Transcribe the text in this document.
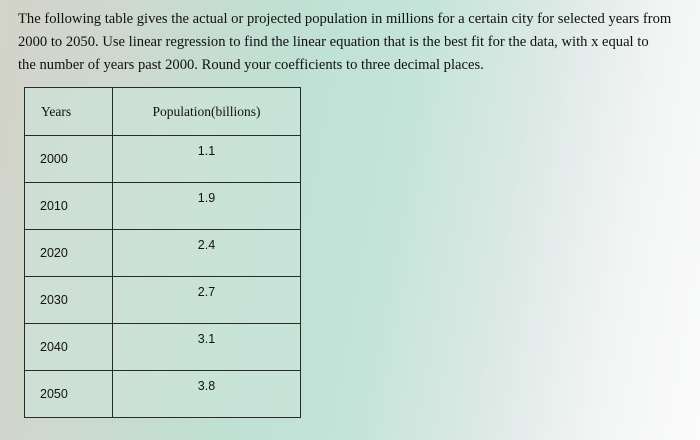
The following table gives the actual or projected population in millions for a certain city for selected years from
2000 to 2050. Use linear regression to find the linear equation that is the best fit for the data, with x equal to
the number of years past 2000. Round your coefficients to three decimal places.

Years	Population(billions)
2000	1.1
2010	1.9
2020	2.4
2030	2.7
2040	3.1
2050	3.8
